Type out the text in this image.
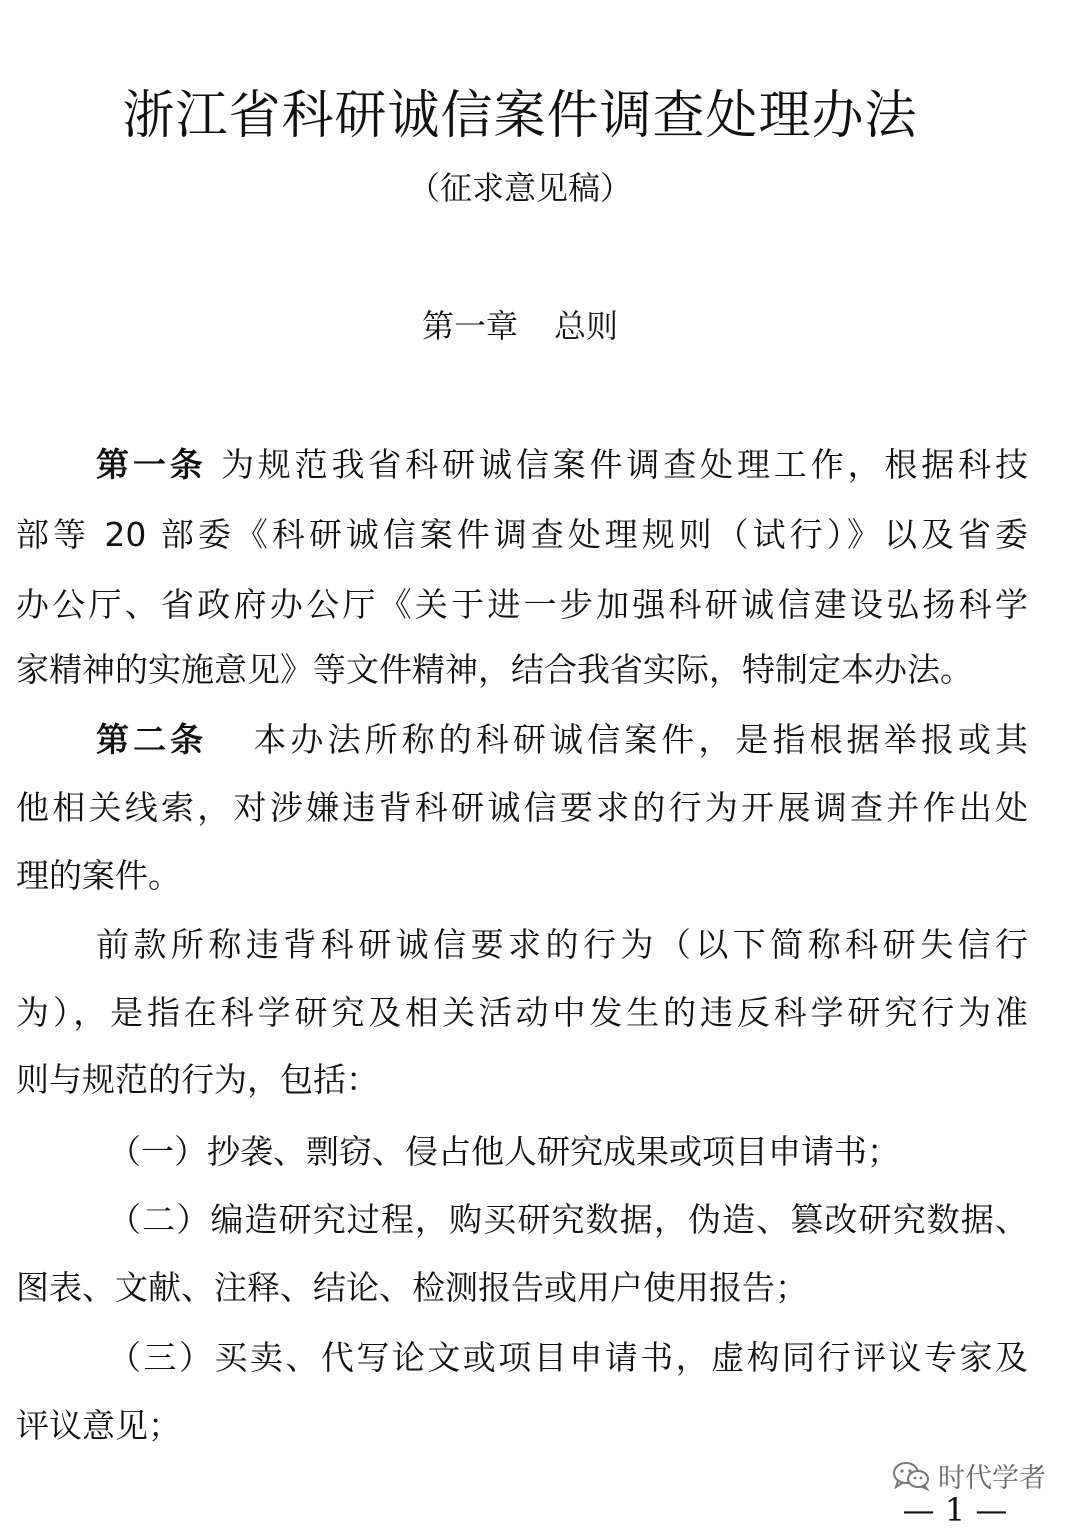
浙江省科研诚信案件调查处理办法
（征求意见稿）
第一章 总则
第一条 为规范我省科研诚信案件调查处理工作，根据科技
部等 20 部委《科研诚信案件调查处理规则（试行）》以及省委
办公厅、省政府办公厅《关于进一步加强科研诚信建设弘扬科学
家精神的实施意见》等文件精神，结合我省实际，特制定本办法。
第二条 本办法所称的科研诚信案件，是指根据举报或其
他相关线索，对涉嫌违背科研诚信要求的行为开展调查并作出处
理的案件。
前款所称违背科研诚信要求的行为（以下简称科研失信行
为），是指在科学研究及相关活动中发生的违反科学研究行为准
则与规范的行为，包括：
（一）抄袭、剽窃、侵占他人研究成果或项目申请书；
（二）编造研究过程，购买研究数据，伪造、篡改研究数据、
图表、文献、注释、结论、检测报告或用户使用报告；
（三）买卖、代写论文或项目申请书，虚构同行评议专家及
评议意见；
时代学者
— 1 —
